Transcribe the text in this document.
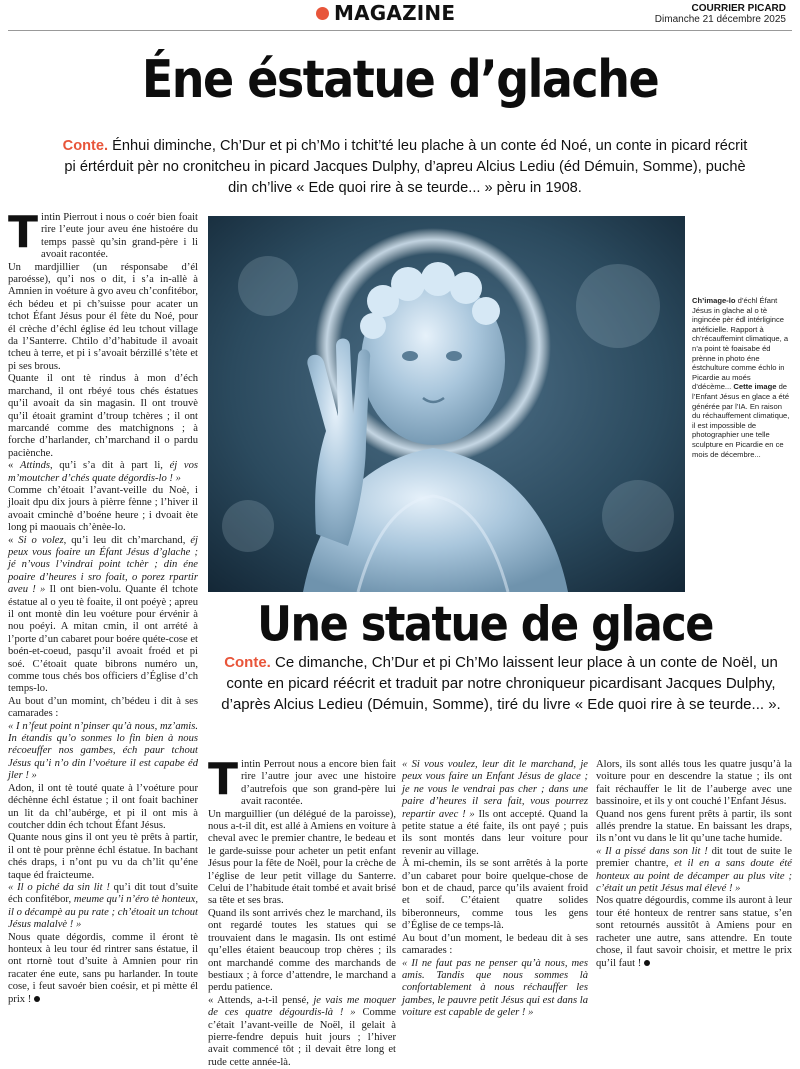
MAGAZINE	COURRIER PICARD
Dimanche 21 décembre 2025
Éne éstatue d’glache
Conte. Énhui diminche, Ch’Dur et pi ch’Mo i tchit’té leu plache à un conte éd Noé, un conte in picard récrit pi értérduit pèr no cronitcheu in picard Jacques Dulphy, d’apreu Alcius Lediu (éd Démuin, Somme), puchè din ch’live « Ede quoi rire à se teurde... » pèru in 1908.

Tintin Pierrout i nous o coér bien foait rire l’eute jour aveu éne histoére du temps passè qu’sin grand-père i li avoait racontée.

Un mardjillier (un résponsabe d’él paroésse), qu’i nos o dit, i s’a in-allè à Amnien in voéture à gvo aveu ch’confitébor, éch bédeu et pi ch’suisse pour acater un tchot Éfant Jésus pour él fète du Noé, pour él crèche d’échl église éd leu tchout village da l’Santerre. Chtilo d’d’habitude il avoait tcheu à terre, et pi i s’avoait bérzillé s’tète et pi ses brous.

Quante il ont tè rindus à mon d’éch marchand, il ont rbéyé tous chés éstatues qu’il avoait da sin magasin. Il ont trouvè qu’il étoait gramint d’troup tchères ; il ont marcandé comme des matchignons ; à forche d’harlander, ch’marchand il o pardu paciènche.

« Attinds, qu’i s’a dit à part li, éj vos m’moutcher d’chés quate dégordis-lo ! »

Comme ch’étoait l’avant-veille du Noè, i jloait dpu dix jours à pièrre fènne ; l’hiver il avoait cminchè d’boéne heure ; i dvoait ète long pi maouais ch’ènèe-lo.

« Si o volez, qu’i leu dit ch’marchand, éj peux vous foaire un Éfant Jésus d’glache ; jé n’vous l’vindrai point tchèr ; din éne poaire d’heures i sro foait, o porez rpartir aveu ! » Il ont bien-volu. Quante él tchote éstatue al o yeu tè foaite, il ont poéyè ; apreu il ont montè din leu voéture pour érvénir à nou poéyi. A mitan cmin, il ont arrété à l’porte d’un cabaret pour boére quéte-cose et boén-et-coeud, pasqu’il avoait froéd et pi soé. C’étoait quate bibrons numéro un, comme tous chés bos officiers d’Église d’ch temps-lo.

Au bout d’un momint, ch’bédeu i dit à ses camarades :

« I n’feut point n’pinser qu’à nous, mz’amis. In étandis qu’o sonmes lo fin bien à nous récoeuffer nos gambes, éch paur tchout Jésus qu’i n’o din l’voéture il est capabe éd jler ! »

Adon, il ont tè touté quate à l’voéture pour déchènne échl éstatue ; il ont foait bachiner un lit da chl’aubérge, et pi il ont mis à coutcher ddin éch tchout Éfant Jésus.

Quante nous gins il ont yeu tè prêts à partir, il ont tè pour prènne échl éstatue. In bachant chés draps, i n’ont pu vu da ch’lit qu’éne taque éd fraicteume.

« Il o piché da sin lit ! qu’i dit tout d’suite éch confitébor, meume qu’i n’éro tè honteux, il o décampè au pu rate ; ch’étoait un tchout Jésus malalvè ! »

Nous quate dégordis, comme il éront tè honteux à leu tour éd rintrer sans éstatue, il ont rtornè tout d’suite à Amnien pour rin racater éne eute, sans pu harlander. In toute cose, i feut savoér bien coésir, et pi mètte él prix !

Ch’image-lo d’échl Éfant Jésus in glache al o tè ingincée pèr édl intérligince artéficielle. Rapport à ch’récauffemint climatique, a n’a point tè foaisabe éd prènne in photo éne éstchulture comme échlo in Picardie au moés d’décème... Cette image de l’Enfant Jésus en glace a été générée par l’IA. En raison du réchauffement climatique, il est impossible de photographier une telle sculpture en Picardie en ce mois de décembre...
Une statue de glace
Conte. Ce dimanche, Ch’Dur et pi Ch’Mo laissent leur place à un conte de Noël, un conte en picard réécrit et traduit par notre chroniqueur picardisant Jacques Dulphy, d’après Alcius Ledieu (Démuin, Somme), tiré du livre « Ede quoi rire à se teurde... ».

Tintin Perrout nous a encore bien fait rire l’autre jour avec une histoire d’autrefois que son grand-père lui avait racontée.

Un marguillier (un délégué de la paroisse), nous a-t-il dit, est allé à Amiens en voiture à cheval avec le premier chantre, le bedeau et le garde-suisse pour acheter un petit enfant Jésus pour la fête de Noël, pour la crèche de l’église de leur petit village du Santerre. Celui de l’habitude était tombé et avait brisé sa tête et ses bras.

Quand ils sont arrivés chez le marchand, ils ont regardé toutes les statues qui se trouvaient dans le magasin. Ils ont estimé qu’elles étaient beaucoup trop chères ; ils ont marchandé comme des marchands de bestiaux ; à force d’attendre, le marchand a perdu patience.

« Attends, a-t-il pensé, je vais me moquer de ces quatre dégourdis-là ! » Comme c’était l’avant-veille de Noël, il gelait à pierre-fendre depuis huit jours ; l’hiver avait commencé tôt ; il devait être long et rude cette année-là.

« Si vous voulez, leur dit le marchand, je peux vous faire un Enfant Jésus de glace ; je ne vous le vendrai pas cher ; dans une paire d’heures il sera fait, vous pourrez repartir avec ! » Ils ont accepté. Quand la petite statue a été faite, ils ont payé ; puis ils sont montés dans leur voiture pour revenir au village.

À mi-chemin, ils se sont arrêtés à la porte d’un cabaret pour boire quelque-chose de bon et de chaud, parce qu’ils avaient froid et soif. C’étaient quatre solides biberonneurs, comme tous les gens d’Église de ce temps-là.

Au bout d’un moment, le bedeau dit à ses camarades :

« Il ne faut pas ne penser qu’à nous, mes amis. Tandis que nous sommes là confortablement à nous réchauffer les jambes, le pauvre petit Jésus qui est dans la voiture est capable de geler ! »

Alors, ils sont allés tous les quatre jusqu’à la voiture pour en descendre la statue ; ils ont fait réchauffer le lit de l’auberge avec une bassinoire, et ils y ont couché l’Enfant Jésus.

Quand nos gens furent prêts à partir, ils sont allés prendre la statue. En baissant les draps, ils n’ont vu dans le lit qu’une tache humide.

« Il a pissé dans son lit ! dit tout de suite le premier chantre, et il en a sans doute été honteux au point de décamper au plus vite ; c’était un petit Jésus mal élevé ! »

Nos quatre dégourdis, comme ils auront à leur tour été honteux de rentrer sans statue, s’en sont retournés aussitôt à Amiens pour en racheter une autre, sans attendre. En toute chose, il faut savoir choisir, et mettre le prix qu’il faut !
